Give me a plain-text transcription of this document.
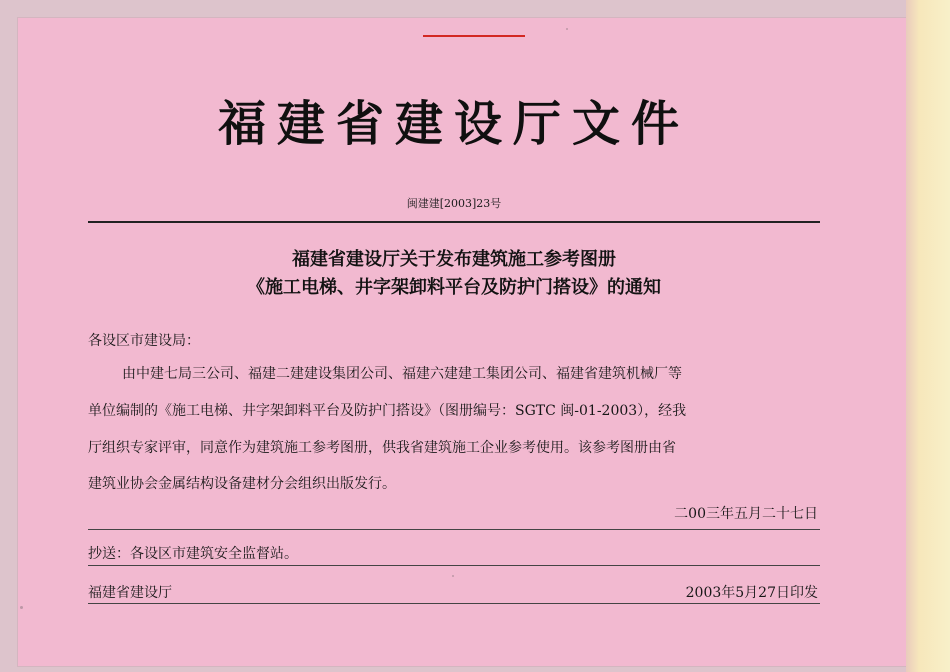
福建省建设厅文件
闽建建[2003]23号
福建省建设厅关于发布建筑施工参考图册
《施工电梯、井字架卸料平台及防护门搭设》的通知
各设区市建设局：
由中建七局三公司、福建二建建设集团公司、福建六建建工集团公司、福建省建筑机械厂等
单位编制的《施工电梯、井字架卸料平台及防护门搭设》（图册编号：SGTC 闽-01-2003），经我
厅组织专家评审，同意作为建筑施工参考图册，供我省建筑施工企业参考使用。该参考图册由省
建筑业协会金属结构设备建材分会组织出版发行。
二00三年五月二十七日
抄送：各设区市建筑安全监督站。
福建省建设厅	2003年5月27日印发
